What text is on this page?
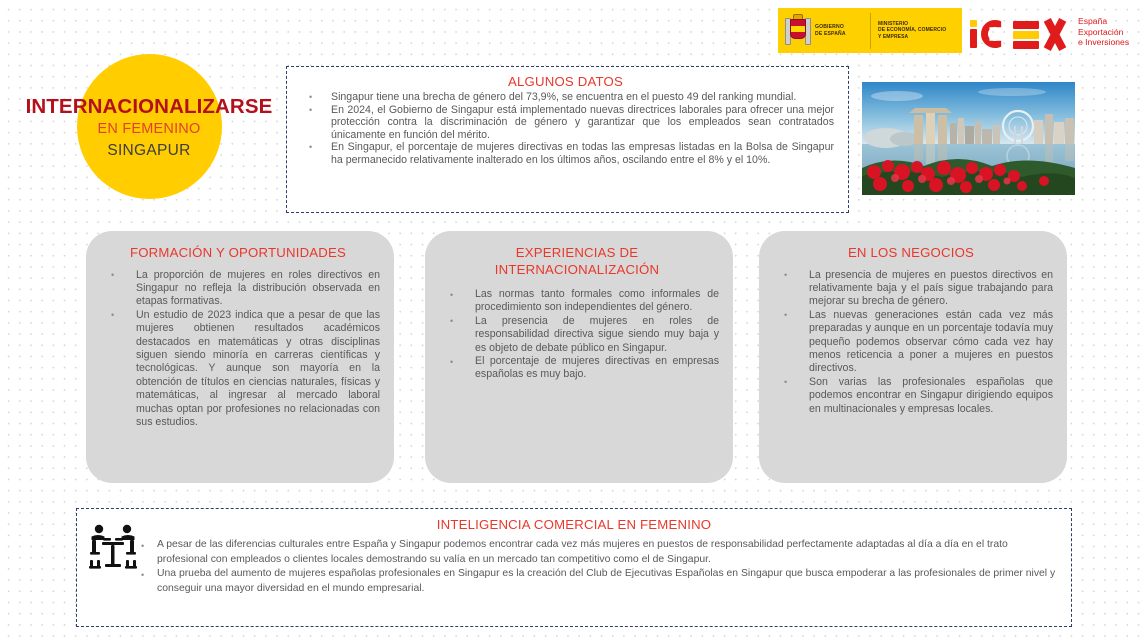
GOBIERNO
DE ESPAÑA
MINISTERIO
DE ECONOMÍA, COMERCIO
Y EMPRESA
España
Exportación
e Inversiones
INTERNACIONALIZARSE
EN FEMENINO
SINGAPUR
ALGUNOS DATOS
• Singapur tiene una brecha de género del 73,9%, se encuentra en el puesto 49 del ranking mundial.
• En 2024, el Gobierno de Singapur está implementado nuevas directrices laborales para ofrecer una mejor protección contra la discriminación de género y garantizar que los empleados sean contratados únicamente en función del mérito.
• En Singapur, el porcentaje de mujeres directivas en todas las empresas listadas en la Bolsa de Singapur ha permanecido relativamente inalterado en los últimos años, oscilando entre el 8% y el 10%.
FORMACIÓN Y OPORTUNIDADES
• La proporción de mujeres en roles directivos en Singapur no refleja la distribución observada en etapas formativas.
• Un estudio de 2023 indica que a pesar de que las mujeres obtienen resultados académicos destacados en matemáticas y otras disciplinas siguen siendo minoría en carreras científicas y tecnológicas. Y aunque son mayoría en la obtención de títulos en ciencias naturales, físicas y matemáticas, al ingresar al mercado laboral muchas optan por profesiones no relacionadas con sus estudios.
EXPERIENCIAS DE INTERNACIONALIZACIÓN
• Las normas tanto formales como informales de procedimiento son independientes del género.
• La presencia de mujeres en roles de responsabilidad directiva sigue siendo muy baja y es objeto de debate público en Singapur.
• El porcentaje de mujeres directivas en empresas españolas es muy bajo.
EN LOS NEGOCIOS
• La presencia de mujeres en puestos directivos en relativamente baja y el país sigue trabajando para mejorar su brecha de género.
• Las nuevas generaciones están cada vez más preparadas y aunque en un porcentaje todavía muy pequeño podemos observar cómo cada vez hay menos reticencia a poner a mujeres en puestos directivos.
• Son varias las profesionales españolas que podemos encontrar en Singapur dirigiendo equipos en multinacionales y empresas locales.
INTELIGENCIA COMERCIAL EN FEMENINO
• A pesar de las diferencias culturales entre España y Singapur podemos encontrar cada vez más mujeres en puestos de responsabilidad perfectamente adaptadas al día a día en el trato profesional con empleados o clientes locales demostrando su valía en un mercado tan competitivo como el de Singapur.
• Una prueba del aumento de mujeres españolas profesionales en Singapur es la creación del Club de Ejecutivas Españolas en Singapur que busca empoderar a las profesionales de primer nivel y conseguir una mayor diversidad en el mundo empresarial.
